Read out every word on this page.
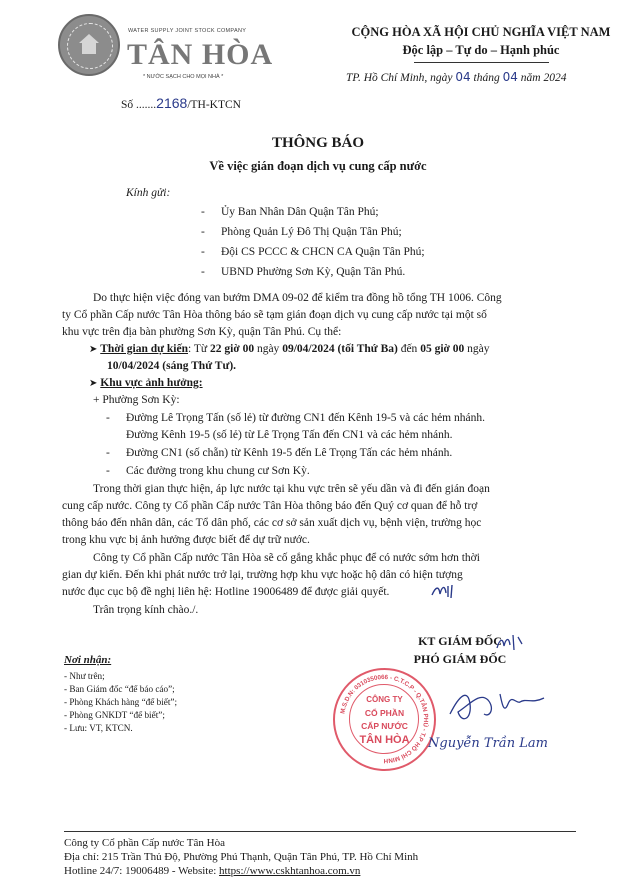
WATER SUPPLY JOINT STOCK COMPANY
TÂN HÒA
* NƯỚC SẠCH CHO MỌI NHÀ *
Số .......2168/TH-KTCN
CỘNG HÒA XÃ HỘI CHỦ NGHĨA VIỆT NAM
Độc lập – Tự do – Hạnh phúc
TP. Hồ Chí Minh, ngày 04 tháng 04 năm 2024
THÔNG BÁO
Về việc gián đoạn dịch vụ cung cấp nước
Kính gửi:
- Ủy Ban Nhân Dân Quận Tân Phú;
- Phòng Quản Lý Đô Thị Quận Tân Phú;
- Đội CS PCCC & CHCN CA Quận Tân Phú;
- UBND Phường Sơn Kỳ, Quận Tân Phú.
Do thực hiện việc đóng van bướm DMA 09-02 để kiểm tra đồng hồ tổng TH 1006. Công
ty Cổ phần Cấp nước Tân Hòa thông báo sẽ tạm gián đoạn dịch vụ cung cấp nước tại một số
khu vực trên địa bàn phường Sơn Kỳ, quận Tân Phú. Cụ thể:
➤ Thời gian dự kiến: Từ 22 giờ 00 ngày 09/04/2024 (tối Thứ Ba) đến 05 giờ 00 ngày
10/04/2024 (sáng Thứ Tư).
➤ Khu vực ảnh hưởng:
+ Phường Sơn Kỳ:
- Đường Lê Trọng Tấn (số lẻ) từ đường CN1 đến Kênh 19-5 và các hẻm nhánh.
Đường Kênh 19-5 (số lẻ) từ Lê Trọng Tấn đến CN1 và các hẻm nhánh.
- Đường CN1 (số chẵn) từ Kênh 19-5 đến Lê Trọng Tấn các hẻm nhánh.
- Các đường trong khu chung cư Sơn Kỳ.
Trong thời gian thực hiện, áp lực nước tại khu vực trên sẽ yếu dần và đi đến gián đoạn
cung cấp nước. Công ty Cổ phần Cấp nước Tân Hòa thông báo đến Quý cơ quan để hỗ trợ
thông báo đến nhân dân, các Tổ dân phố, các cơ sở sản xuất dịch vụ, bệnh viện, trường học
trong khu vực bị ảnh hưởng được biết để dự trữ nước.
Công ty Cổ phần Cấp nước Tân Hòa sẽ cố gắng khắc phục để có nước sớm hơn thời
gian dự kiến. Đến khi phát nước trở lại, trường hợp khu vực hoặc hộ dân có hiện tượng
nước đục cục bộ đề nghị liên hệ: Hotline 19006489 để được giải quyết.
Trân trọng kính chào./.
KT GIÁM ĐỐC
PHÓ GIÁM ĐỐC
M.S.D.N: 0310350066 - C.T.C.P - Q.TÂN PHÚ - T.P HỒ CHÍ MINH
CÔNG TY
CỔ PHẦN
CẤP NƯỚC
TÂN HÒA	Nguyễn Trần Lam
Nơi nhận:
- Như trên;
- Ban Giám đốc “để báo cáo”;
- Phòng Khách hàng “để biết”;
- Phòng GNKDT “để biết”;
- Lưu: VT, KTCN.
Công ty Cổ phần Cấp nước Tân Hòa
Địa chỉ: 215 Trần Thủ Độ, Phường Phú Thạnh, Quận Tân Phú, TP. Hồ Chí Minh
Hotline 24/7: 19006489 - Website: https://www.cskhtanhoa.com.vn
